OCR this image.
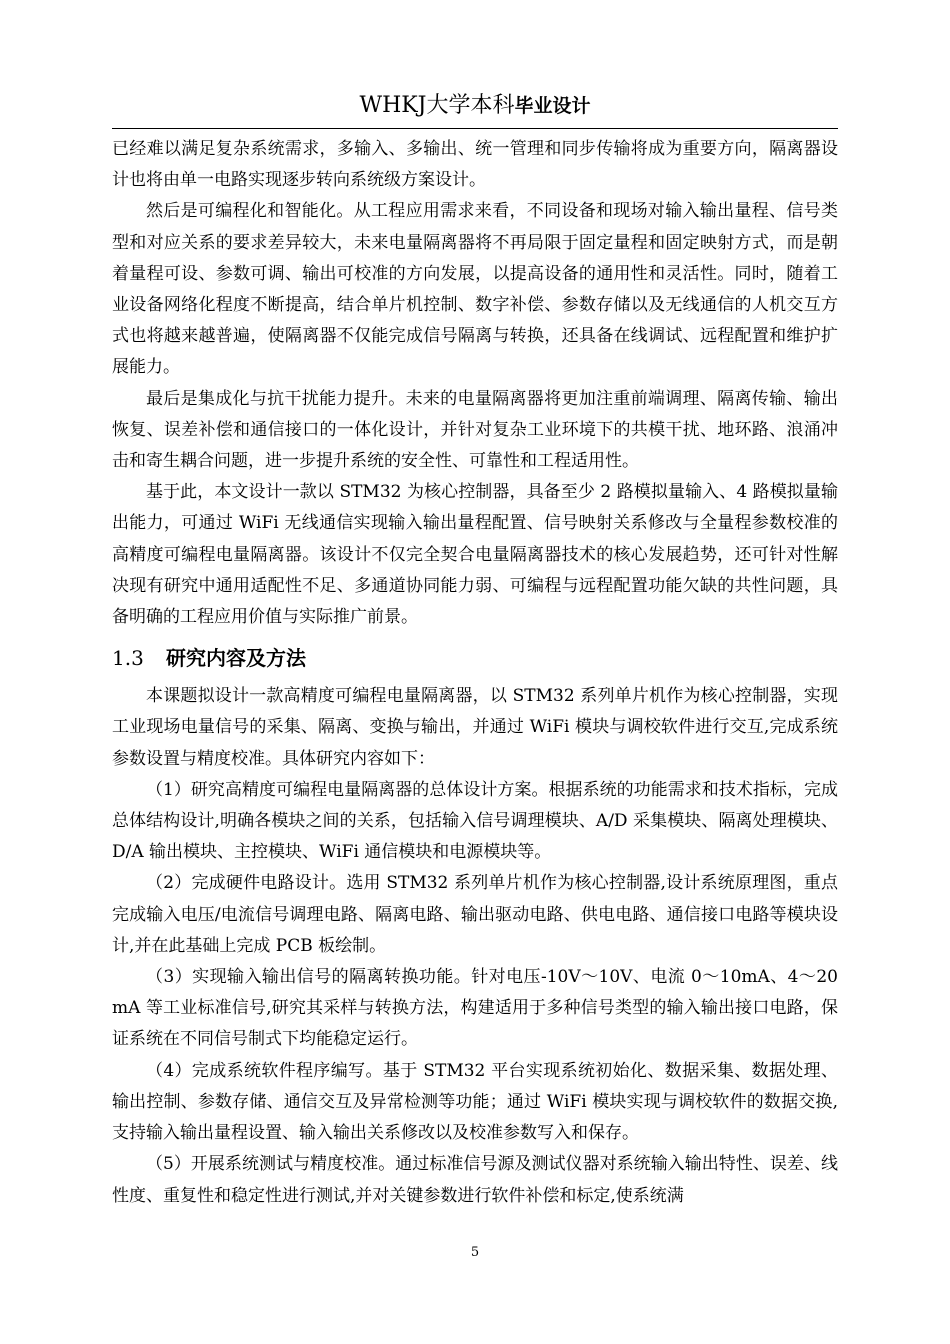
WHKJ大学本科毕业设计

已经难以满足复杂系统需求，多输入、多输出、统一管理和同步传输将成为重要方向，隔离器设计也将由单一电路实现逐步转向系统级方案设计。

然后是可编程化和智能化。从工程应用需求来看，不同设备和现场对输入输出量程、信号类型和对应关系的要求差异较大，未来电量隔离器将不再局限于固定量程和固定映射方式，而是朝着量程可设、参数可调、输出可校准的方向发展，以提高设备的通用性和灵活性。同时，随着工业设备网络化程度不断提高，结合单片机控制、数字补偿、参数存储以及无线通信的人机交互方式也将越来越普遍，使隔离器不仅能完成信号隔离与转换，还具备在线调试、远程配置和维护扩展能力。

最后是集成化与抗干扰能力提升。未来的电量隔离器将更加注重前端调理、隔离传输、输出恢复、误差补偿和通信接口的一体化设计，并针对复杂工业环境下的共模干扰、地环路、浪涌冲击和寄生耦合问题，进一步提升系统的安全性、可靠性和工程适用性。

基于此，本文设计一款以 STM32 为核心控制器，具备至少 2 路模拟量输入、4 路模拟量输出能力，可通过 WiFi 无线通信实现输入输出量程配置、信号映射关系修改与全量程参数校准的高精度可编程电量隔离器。该设计不仅完全契合电量隔离器技术的核心发展趋势，还可针对性解决现有研究中通用适配性不足、多通道协同能力弱、可编程与远程配置功能欠缺的共性问题，具备明确的工程应用价值与实际推广前景。

1.3 研究内容及方法

本课题拟设计一款高精度可编程电量隔离器，以 STM32 系列单片机作为核心控制器，实现工业现场电量信号的采集、隔离、变换与输出，并通过 WiFi 模块与调校软件进行交互,完成系统参数设置与精度校准。具体研究内容如下：

（1）研究高精度可编程电量隔离器的总体设计方案。根据系统的功能需求和技术指标，完成总体结构设计,明确各模块之间的关系，包括输入信号调理模块、A/D 采集模块、隔离处理模块、D/A 输出模块、主控模块、WiFi 通信模块和电源模块等。

（2）完成硬件电路设计。选用 STM32 系列单片机作为核心控制器,设计系统原理图，重点完成输入电压/电流信号调理电路、隔离电路、输出驱动电路、供电电路、通信接口电路等模块设计,并在此基础上完成 PCB 板绘制。

（3）实现输入输出信号的隔离转换功能。针对电压-10V～10V、电流 0～10mA、4～20mA 等工业标准信号,研究其采样与转换方法，构建适用于多种信号类型的输入输出接口电路，保证系统在不同信号制式下均能稳定运行。

（4）完成系统软件程序编写。基于 STM32 平台实现系统初始化、数据采集、数据处理、输出控制、参数存储、通信交互及异常检测等功能；通过 WiFi 模块实现与调校软件的数据交换,支持输入输出量程设置、输入输出关系修改以及校准参数写入和保存。

（5）开展系统测试与精度校准。通过标准信号源及测试仪器对系统输入输出特性、误差、线性度、重复性和稳定性进行测试,并对关键参数进行软件补偿和标定,使系统满

5
